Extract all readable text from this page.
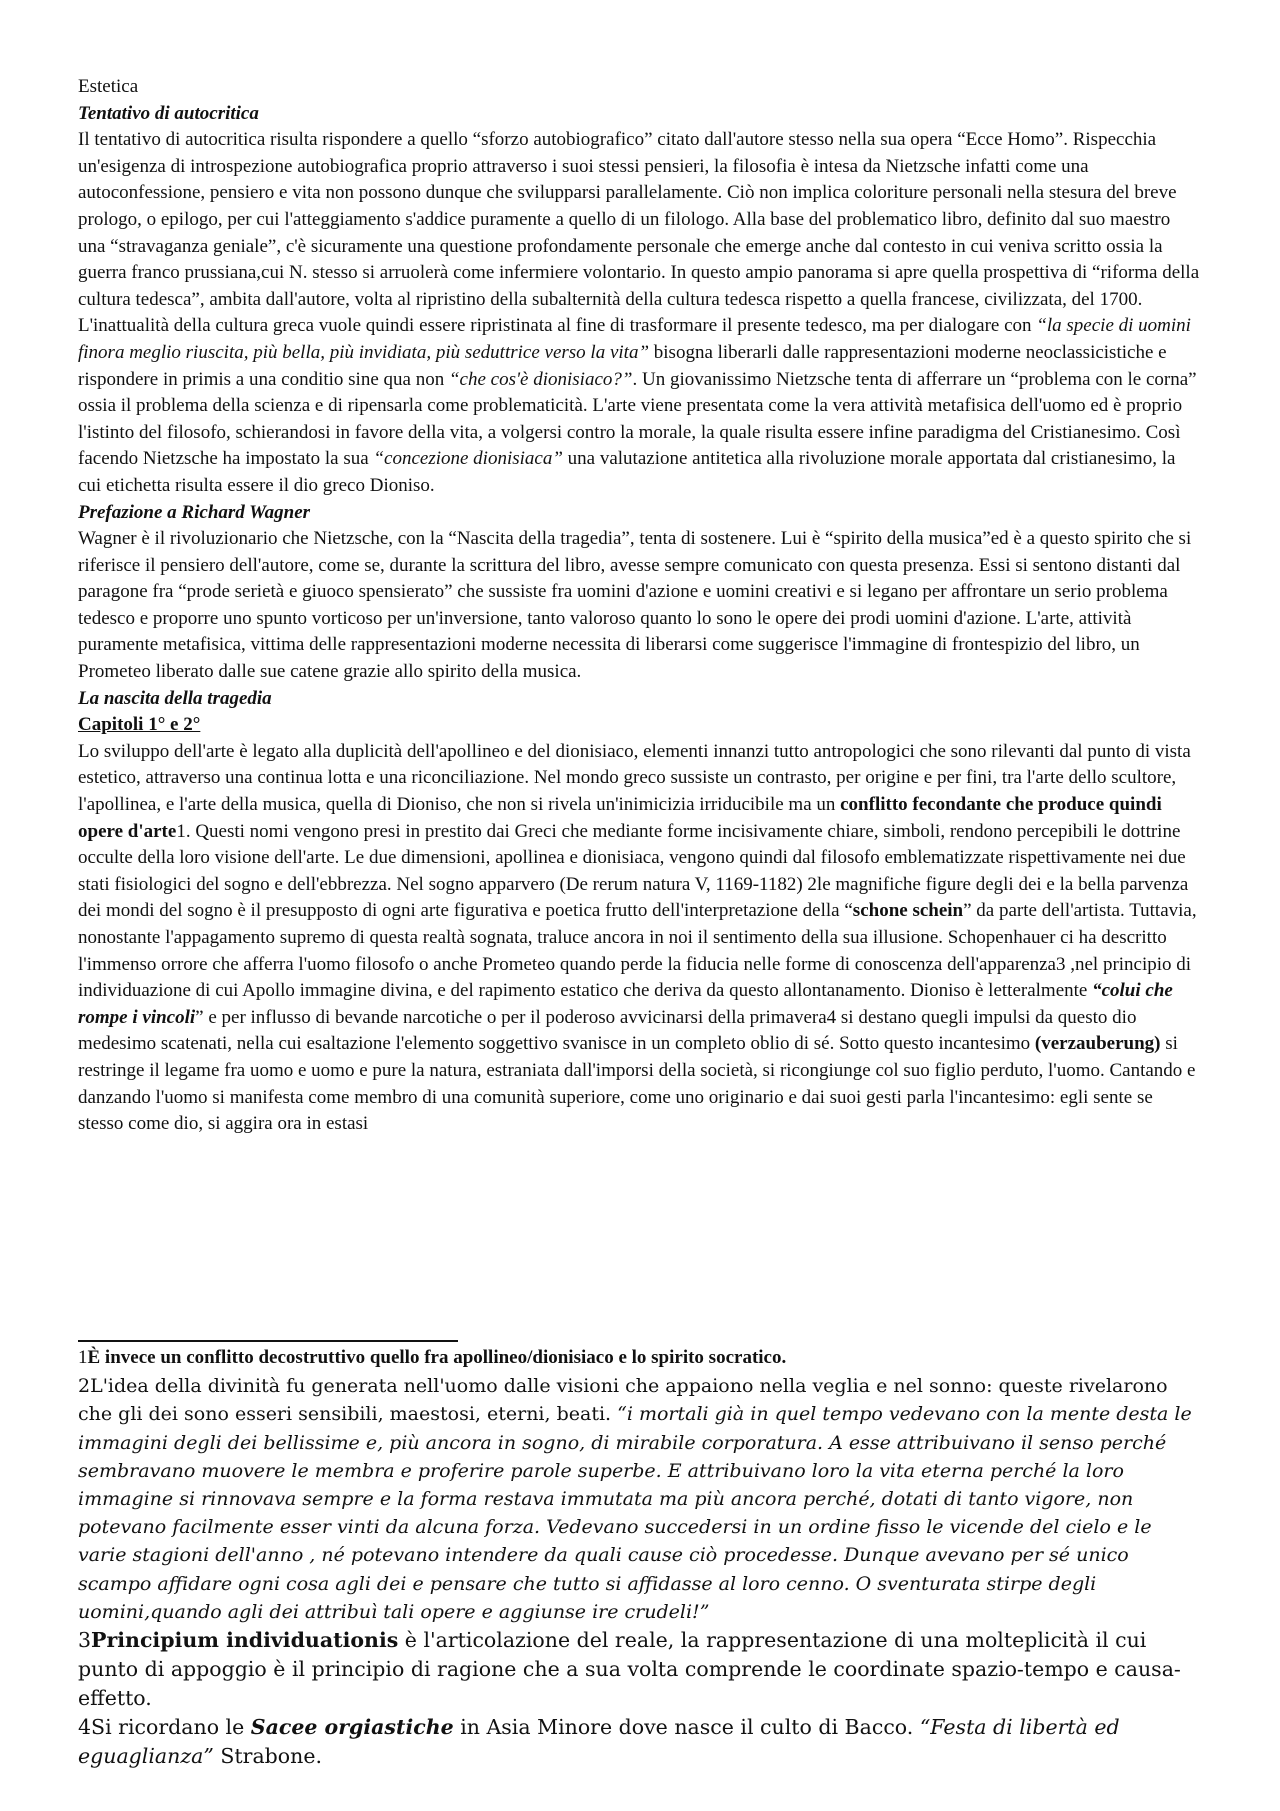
Estetica

Tentativo di autocritica

Il tentativo di autocritica risulta rispondere a quello “sforzo autobiografico” citato dall'autore stesso nella sua opera “Ecce Homo”. Rispecchia un'esigenza di introspezione autobiografica proprio attraverso i suoi stessi pensieri, la filosofia è intesa da Nietzsche infatti come una autoconfessione, pensiero e vita non possono dunque che svilupparsi parallelamente. Ciò non implica coloriture personali nella stesura del breve prologo, o epilogo, per cui l'atteggiamento s'addice puramente a quello di un filologo. Alla base del problematico libro, definito dal suo maestro una “stravaganza geniale”, c'è sicuramente una questione profondamente personale che emerge anche dal contesto in cui veniva scritto ossia la guerra franco prussiana,cui N. stesso si arruolerà come infermiere volontario. In questo ampio panorama si apre quella prospettiva di “riforma della cultura tedesca”, ambita dall'autore, volta al ripristino della subalternità della cultura tedesca rispetto a quella francese, civilizzata, del 1700. L'inattualità della cultura greca vuole quindi essere ripristinata al fine di trasformare il presente tedesco, ma per dialogare con “la specie di uomini finora meglio riuscita, più bella, più invidiata, più seduttrice verso la vita” bisogna liberarli dalle rappresentazioni moderne neoclassicistiche e rispondere in primis a una conditio sine qua non “che cos'è dionisiaco?”. Un giovanissimo Nietzsche tenta di afferrare un “problema con le corna” ossia il problema della scienza e di ripensarla come problematicità. L'arte viene presentata come la vera attività metafisica dell'uomo ed è proprio l'istinto del filosofo, schierandosi in favore della vita, a volgersi contro la morale, la quale risulta essere infine paradigma del Cristianesimo. Così facendo Nietzsche ha impostato la sua “concezione dionisiaca” una valutazione antitetica alla rivoluzione morale apportata dal cristianesimo, la cui etichetta risulta essere il dio greco Dioniso.

Prefazione a Richard Wagner

Wagner è il rivoluzionario che Nietzsche, con la “Nascita della tragedia”, tenta di sostenere. Lui è “spirito della musica”ed è a questo spirito che si riferisce il pensiero dell'autore, come se, durante la scrittura del libro, avesse sempre comunicato con questa presenza. Essi si sentono distanti dal paragone fra “prode serietà e giuoco spensierato” che sussiste fra uomini d'azione e uomini creativi e si legano per affrontare un serio problema tedesco e proporre uno spunto vorticoso per un'inversione, tanto valoroso quanto lo sono le opere dei prodi uomini d'azione. L'arte, attività puramente metafisica, vittima delle rappresentazioni moderne necessita di liberarsi come suggerisce l'immagine di frontespizio del libro, un Prometeo liberato dalle sue catene grazie allo spirito della musica.

La nascita della tragedia

Capitoli 1° e 2°

Lo sviluppo dell'arte è legato alla duplicità dell'apollineo e del dionisiaco, elementi innanzi tutto antropologici che sono rilevanti dal punto di vista estetico, attraverso una continua lotta e una riconciliazione. Nel mondo greco sussiste un contrasto, per origine e per fini, tra l'arte dello scultore, l'apollinea, e l'arte della musica, quella di Dioniso, che non si rivela un'inimicizia irriducibile ma un conflitto fecondante che produce quindi opere d'arte1. Questi nomi vengono presi in prestito dai Greci che mediante forme incisivamente chiare, simboli, rendono percepibili le dottrine occulte della loro visione dell'arte. Le due dimensioni, apollinea e dionisiaca, vengono quindi dal filosofo emblematizzate rispettivamente nei due stati fisiologici del sogno e dell'ebbrezza. Nel sogno apparvero (De rerum natura V, 1169-1182) 2le magnifiche figure degli dei e la bella parvenza dei mondi del sogno è il presupposto di ogni arte figurativa e poetica frutto dell'interpretazione della “schone schein” da parte dell'artista. Tuttavia, nonostante l'appagamento supremo di questa realtà sognata, traluce ancora in noi il sentimento della sua illusione. Schopenhauer ci ha descritto l'immenso orrore che afferra l'uomo filosofo o anche Prometeo quando perde la fiducia nelle forme di conoscenza dell'apparenza3 ,nel principio di individuazione di cui Apollo immagine divina, e del rapimento estatico che deriva da questo allontanamento. Dioniso è letteralmente “colui che rompe i vincoli” e per influsso di bevande narcotiche o per il poderoso avvicinarsi della primavera4 si destano quegli impulsi da questo dio medesimo scatenati, nella cui esaltazione l'elemento soggettivo svanisce in un completo oblio di sé. Sotto questo incantesimo (verzauberung) si restringe il legame fra uomo e uomo e pure la natura, estraniata dall'imporsi della società, si ricongiunge col suo figlio perduto, l'uomo. Cantando e danzando l'uomo si manifesta come membro di una comunità superiore, come uno originario e dai suoi gesti parla l'incantesimo: egli sente se stesso come dio, si aggira ora in estasi

1È invece un conflitto decostruttivo quello fra apollineo/dionisiaco e lo spirito socratico.

2L'idea della divinità fu generata nell'uomo dalle visioni che appaiono nella veglia e nel sonno: queste rivelarono che gli dei sono esseri sensibili, maestosi, eterni, beati. “i mortali già in quel tempo vedevano con la mente desta le immagini degli dei bellissime e, più ancora in sogno, di mirabile corporatura. A esse attribuivano il senso perché sembravano muovere le membra e proferire parole superbe. E attribuivano loro la vita eterna perché la loro immagine si rinnovava sempre e la forma restava immutata ma più ancora perché, dotati di tanto vigore, non potevano facilmente esser vinti da alcuna forza. Vedevano succedersi in un ordine fisso le vicende del cielo e le varie stagioni dell'anno , né potevano intendere da quali cause ciò procedesse. Dunque avevano per sé unico scampo affidare ogni cosa agli dei e pensare che tutto si affidasse al loro cenno. O sventurata stirpe degli uomini,quando agli dei attribuì tali opere e aggiunse ire crudeli!”

3Principium individuationis è l'articolazione del reale, la rappresentazione di una molteplicità il cui punto di appoggio è il principio di ragione che a sua volta comprende le coordinate spazio-tempo e causa-effetto.

4Si ricordano le Sacee orgiastiche in Asia Minore dove nasce il culto di Bacco. “Festa di libertà ed eguaglianza” Strabone.
